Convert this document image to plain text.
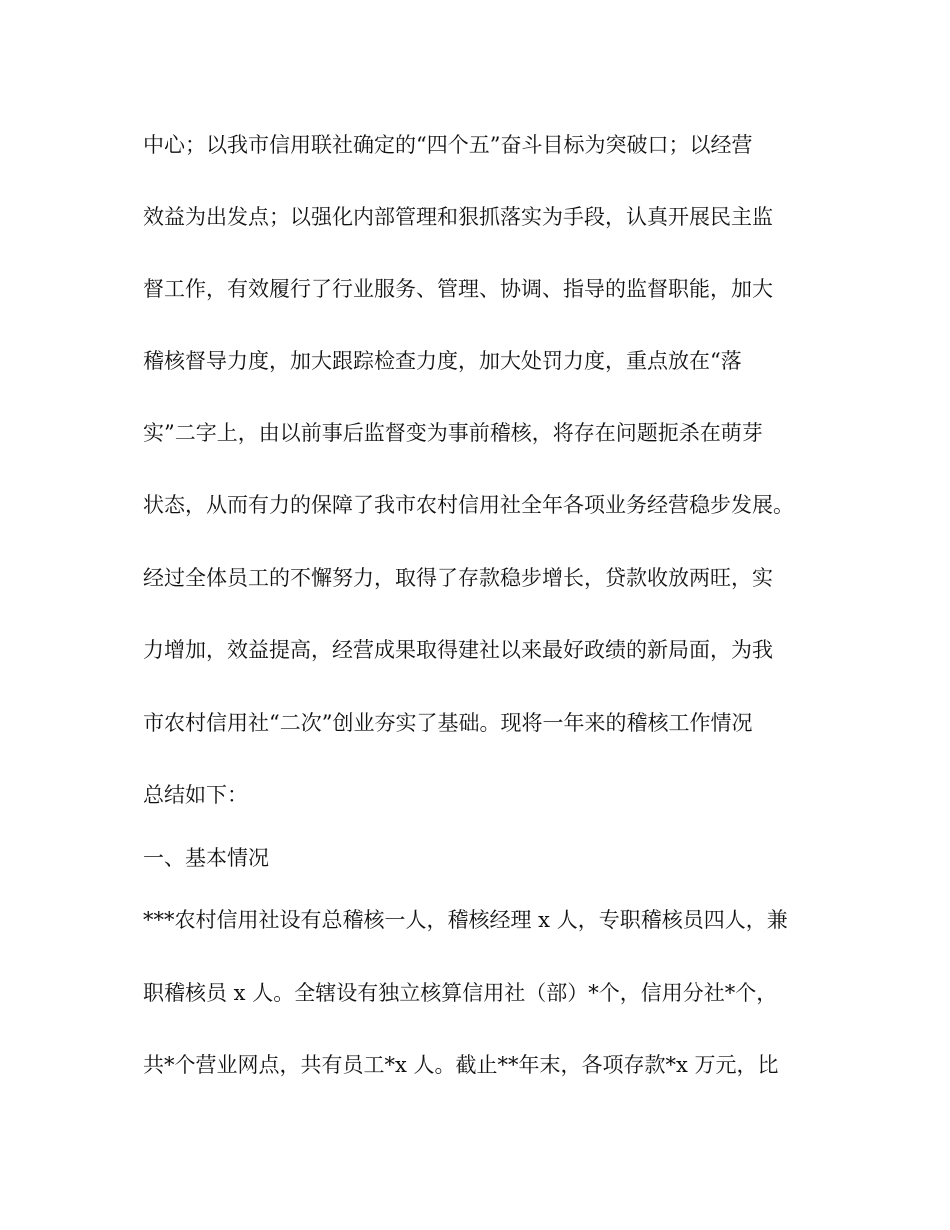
中心；以我市信用联社确定的“四个五”奋斗目标为突破口；以经营
效益为出发点；以强化内部管理和狠抓落实为手段，认真开展民主监
督工作，有效履行了行业服务、管理、协调、指导的监督职能，加大
稽核督导力度，加大跟踪检查力度，加大处罚力度，重点放在“落
实”二字上，由以前事后监督变为事前稽核，将存在问题扼杀在萌芽
状态，从而有力的保障了我市农村信用社全年各项业务经营稳步发展。
经过全体员工的不懈努力，取得了存款稳步增长，贷款收放两旺，实
力增加，效益提高，经营成果取得建社以来最好政绩的新局面，为我
市农村信用社“二次”创业夯实了基础。现将一年来的稽核工作情况
总结如下：
一、基本情况
***农村信用社设有总稽核一人，稽核经理 x 人，专职稽核员四人，兼
职稽核员 x 人。全辖设有独立核算信用社（部）*个，信用分社*个，
共*个营业网点，共有员工*x 人。截止**年末，各项存款*x 万元，比
